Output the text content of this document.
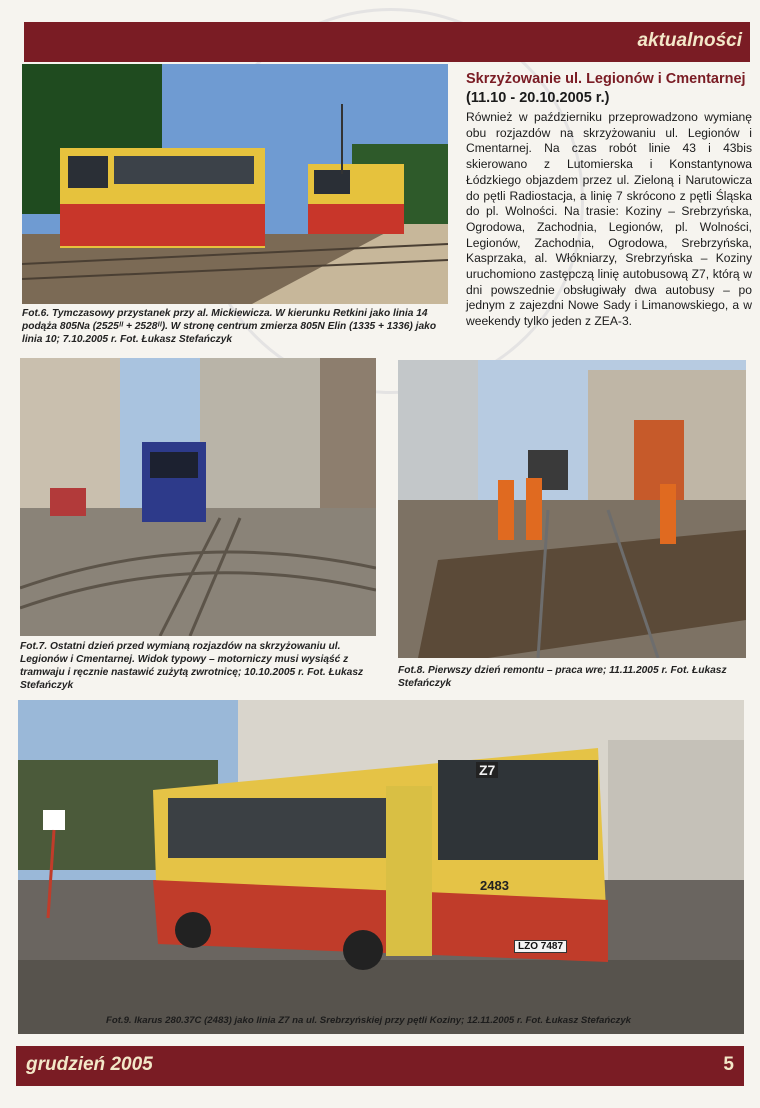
aktualności
Fot.6. Tymczasowy przystanek przy al. Mickiewicza. W kierunku Retkini jako linia 14 podąża 805Na (2525ᴵᴵ + 2528ᴵᴵ). W stronę centrum zmierza 805N Elin (1335 + 1336) jako linia 10; 7.10.2005 r. Fot. Łukasz Stefańczyk
Skrzyżowanie ul. Legionów i Cmentarnej
(11.10 - 20.10.2005 r.)

Również w październiku przeprowadzono wymianę obu rozjazdów na skrzyżowaniu ul. Legionów i Cmentarnej. Na czas robót linie 43 i 43bis skierowano z Lutomierska i Konstantynowa Łódzkiego objazdem przez ul. Zieloną i Narutowicza do pętli Radiostacja, a linię 7 skrócono z pętli Śląska do pl. Wolności. Na trasie: Koziny – Srebrzyńska, Ogrodowa, Zachodnia, Legionów, pl. Wolności, Legionów, Zachodnia, Ogrodowa, Srebrzyńska, Kasprzaka, al. Włókniarzy, Srebrzyńska – Koziny uruchomiono zastępczą linię autobusową Z7, którą w dni powszednie obsługiwały dwa autobusy – po jednym z zajezdni Nowe Sady i Limanowskiego, a w weekendy tylko jeden z ZEA-3.

Fot.7. Ostatni dzień przed wymianą rozjazdów na skrzyżowaniu ul. Legionów i Cmentarnej. Widok typowy – motorniczy musi wysiąść z tramwaju i ręcznie nastawić zużytą zwrotnicę; 10.10.2005 r. Fot. Łukasz Stefańczyk
Fot.8. Pierwszy dzień remontu – praca wre; 11.11.2005 r. Fot. Łukasz Stefańczyk
Z7
2483
LZO 7487
Fot.9. Ikarus 280.37C (2483) jako linia Z7 na ul. Srebrzyńskiej przy pętli Koziny; 12.11.2005 r. Fot. Łukasz Stefańczyk
grudzień 2005	5
